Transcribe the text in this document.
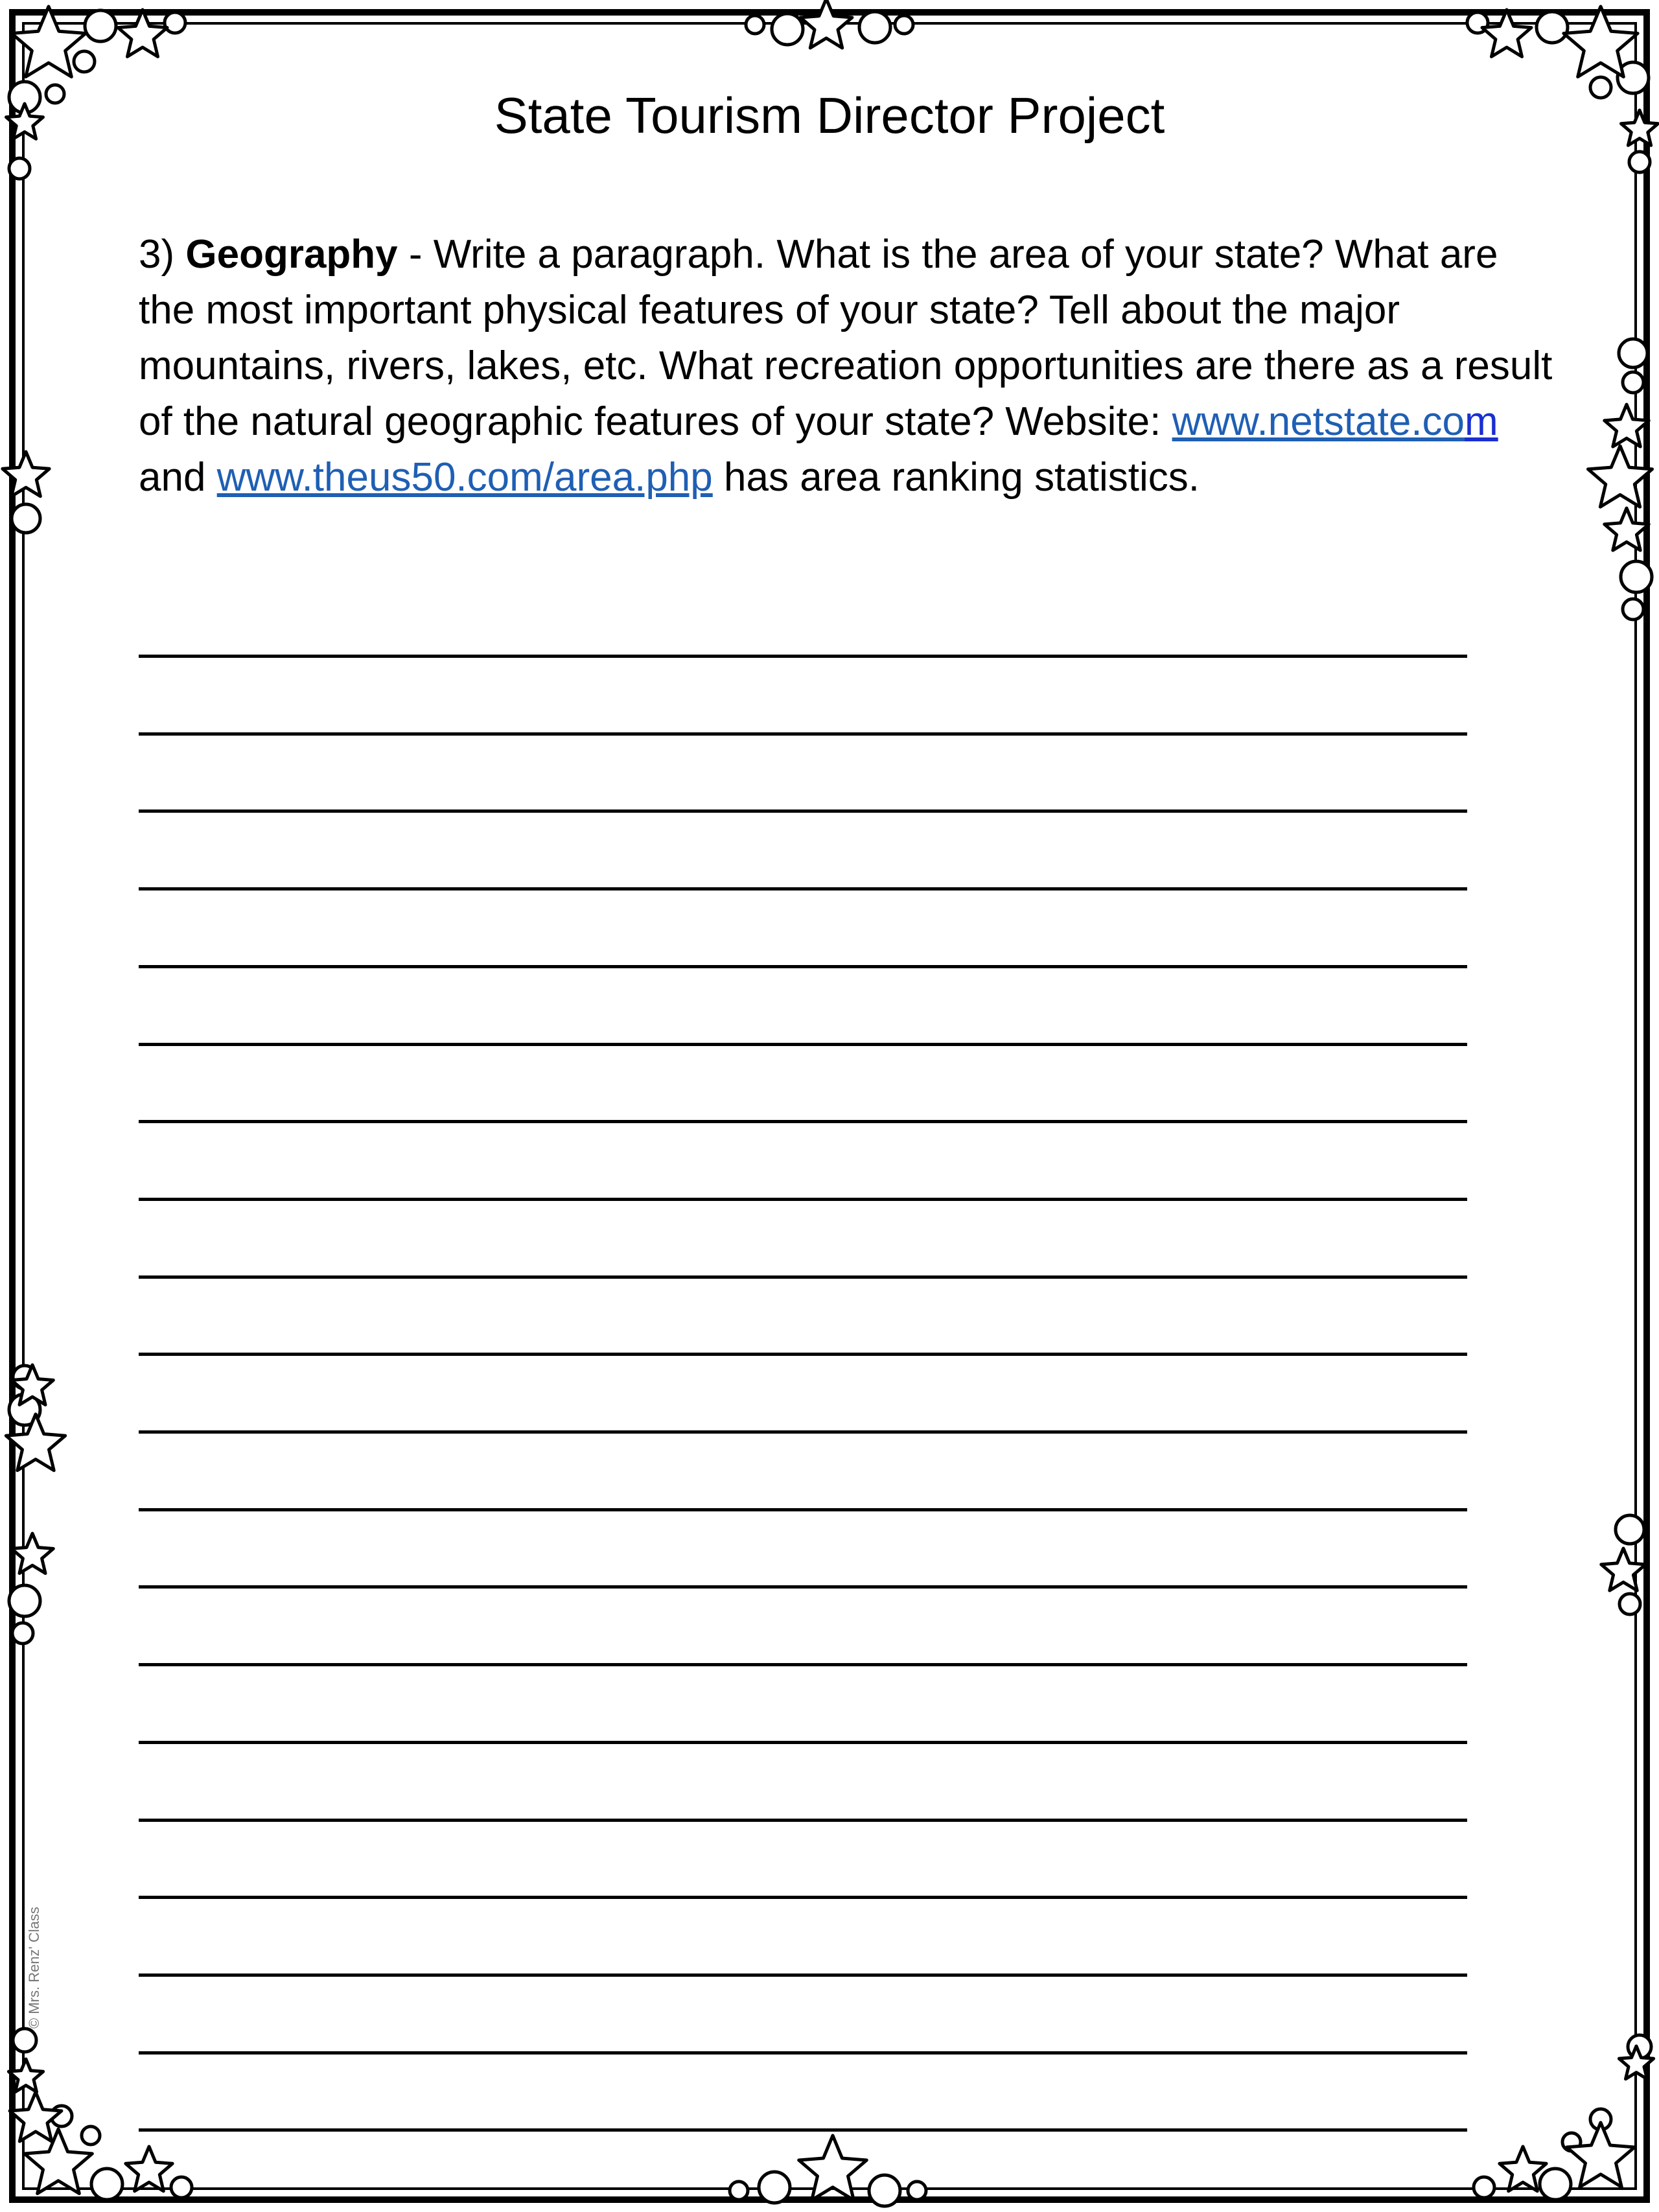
State Tourism Director Project
3) Geography - Write a paragraph. What is the area of your state? What are the most important physical features of your state? Tell about the major mountains, rivers, lakes, etc. What recreation opportunities are there as a result of the natural geographic features of your state? Website: www.netstate.com and www.theus50.com/area.php has area ranking statistics.
© Mrs. Renz' Class
